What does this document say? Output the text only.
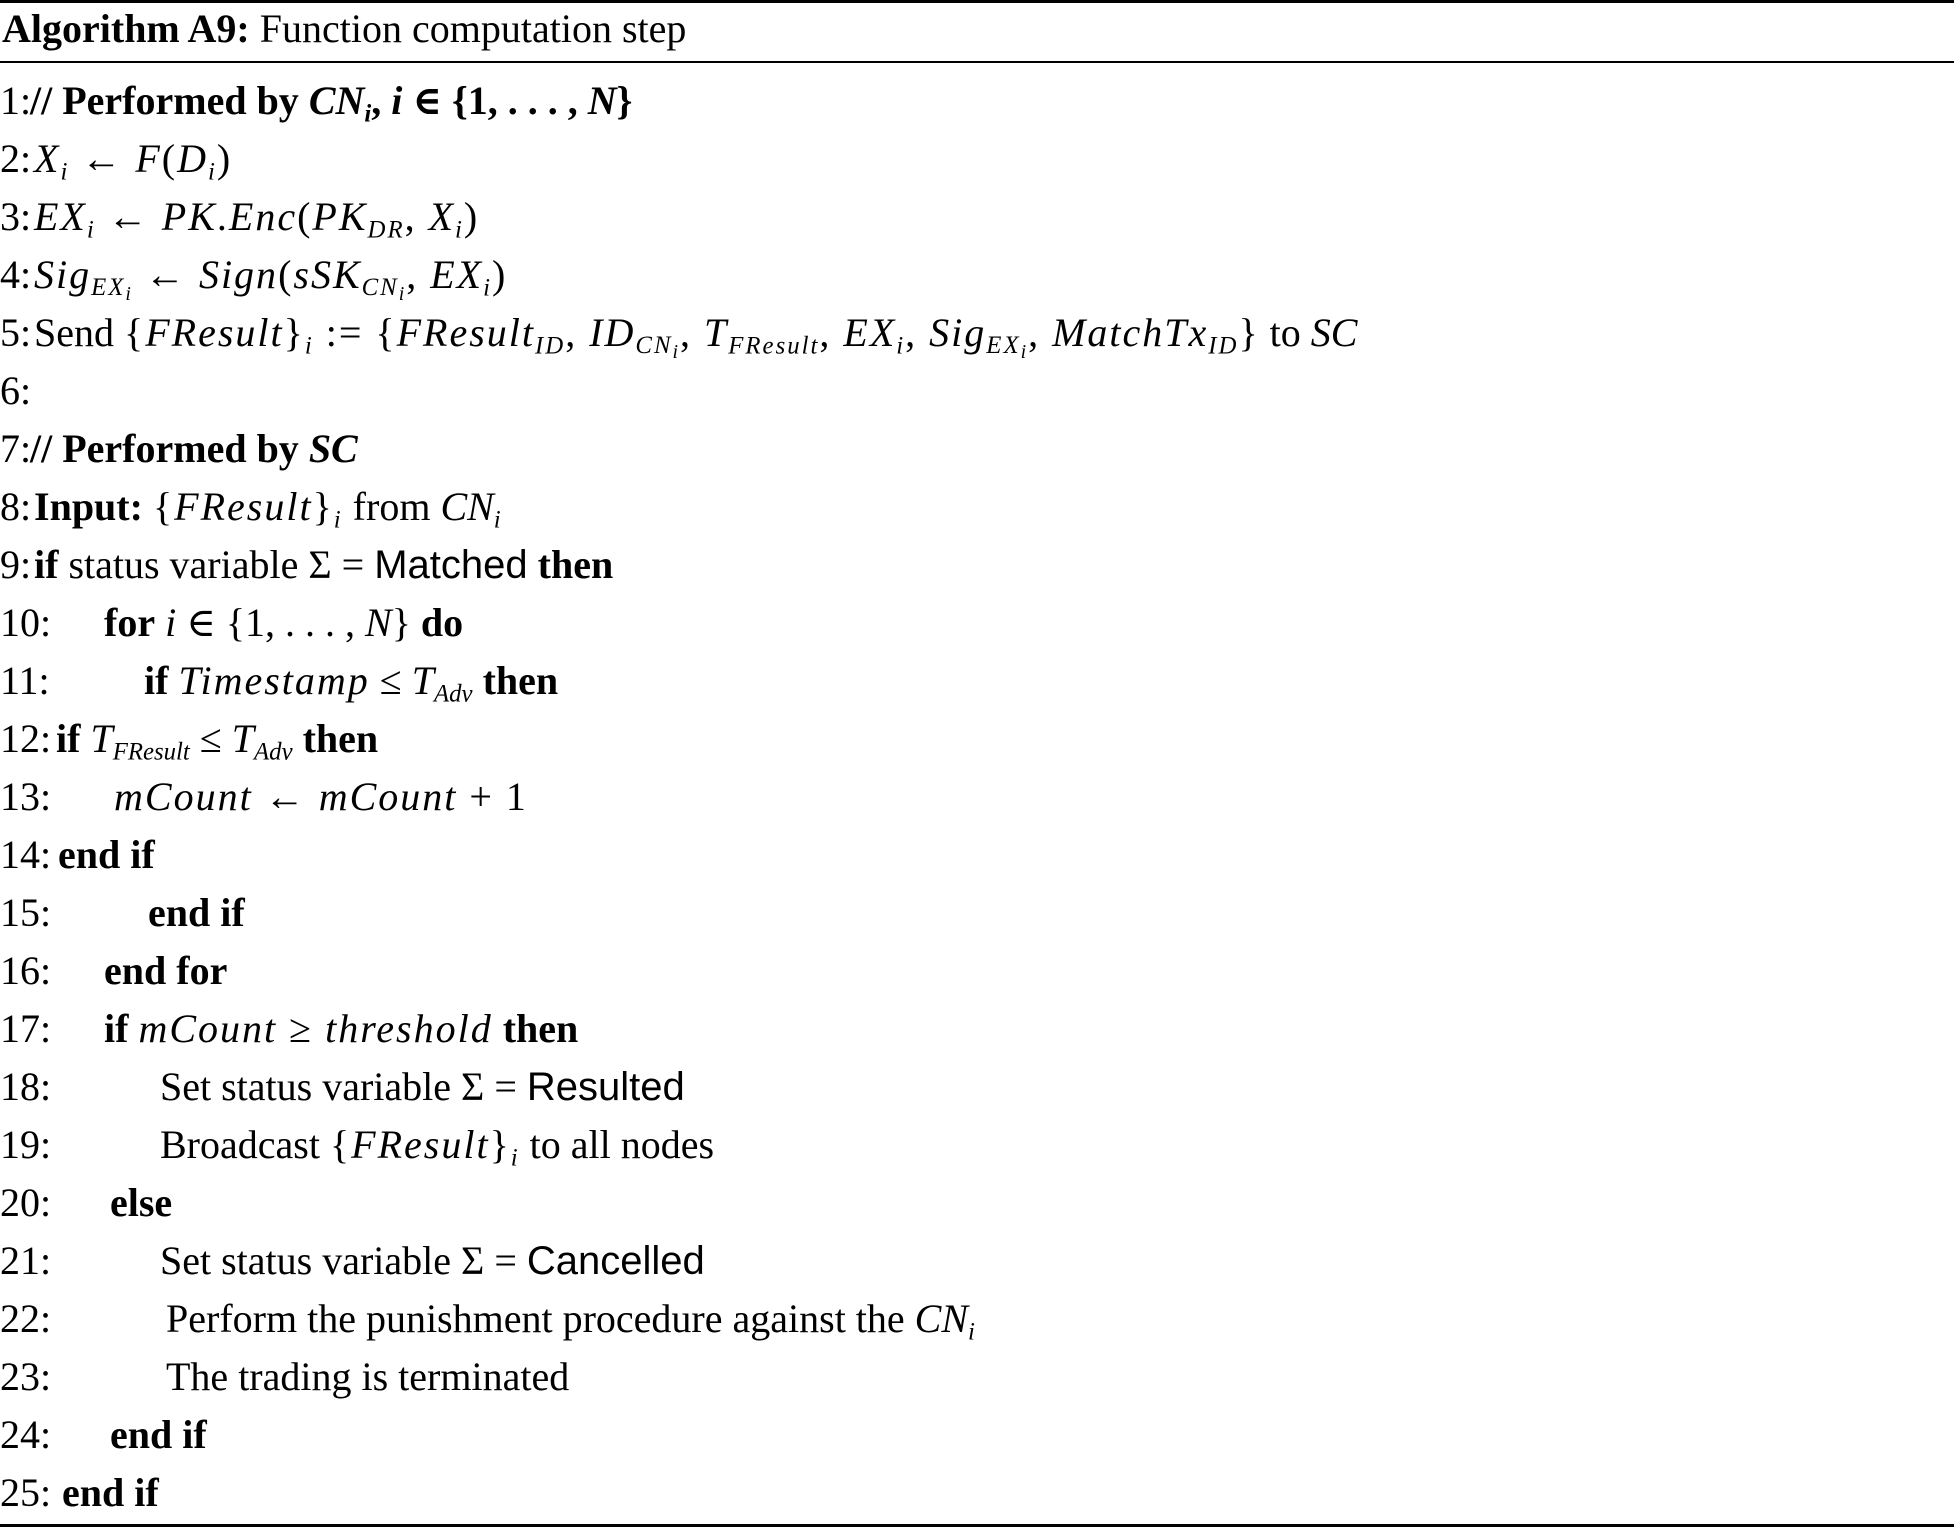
Algorithm A9: Function computation step
1:
// Performed by $CN_i$, i ∈ {1, . . . , N}
2: $X_i$ ← $F(D_i)$
3: $EX_i$ ← $PK.Enc(PK_{DR}$, $X_i$)
4: Sig$_{EX_i}$ ← Sign(sSK$_{CN_i}$, $EX_i$)
5: Send $\{FResult\}_i$ := {FResult$_{ID}$, $ID_{CN_i}$, $T_{FResult}$, $EX_i$, Sig$_{EX_i}$, MatchTx$_{ID}$} to SC
6:
7:
// Performed by SC
8: Input: $\{FResult\}_i$ from $CN_i$
9: if status variable Σ = Matched then
10: for i ∈ {1, . . . , N} do
11: if Timestamp ≤ $T_{Adv}$ then
12: if $T_{FResult} \le T_{Adv}$ then
13: mCount ← mCount + 1
14: end if
15: end if
16: end for
17: if mCount ≥ threshold then
18:	Set status variable Σ = Resulted
19:	Broadcast $\{FResult\}_i$ to all nodes
20: else
21:	Set status variable Σ = Cancelled
22:	Perform the punishment procedure against the $CN_i$
23:	The trading is terminated
24: end if
25: end if
